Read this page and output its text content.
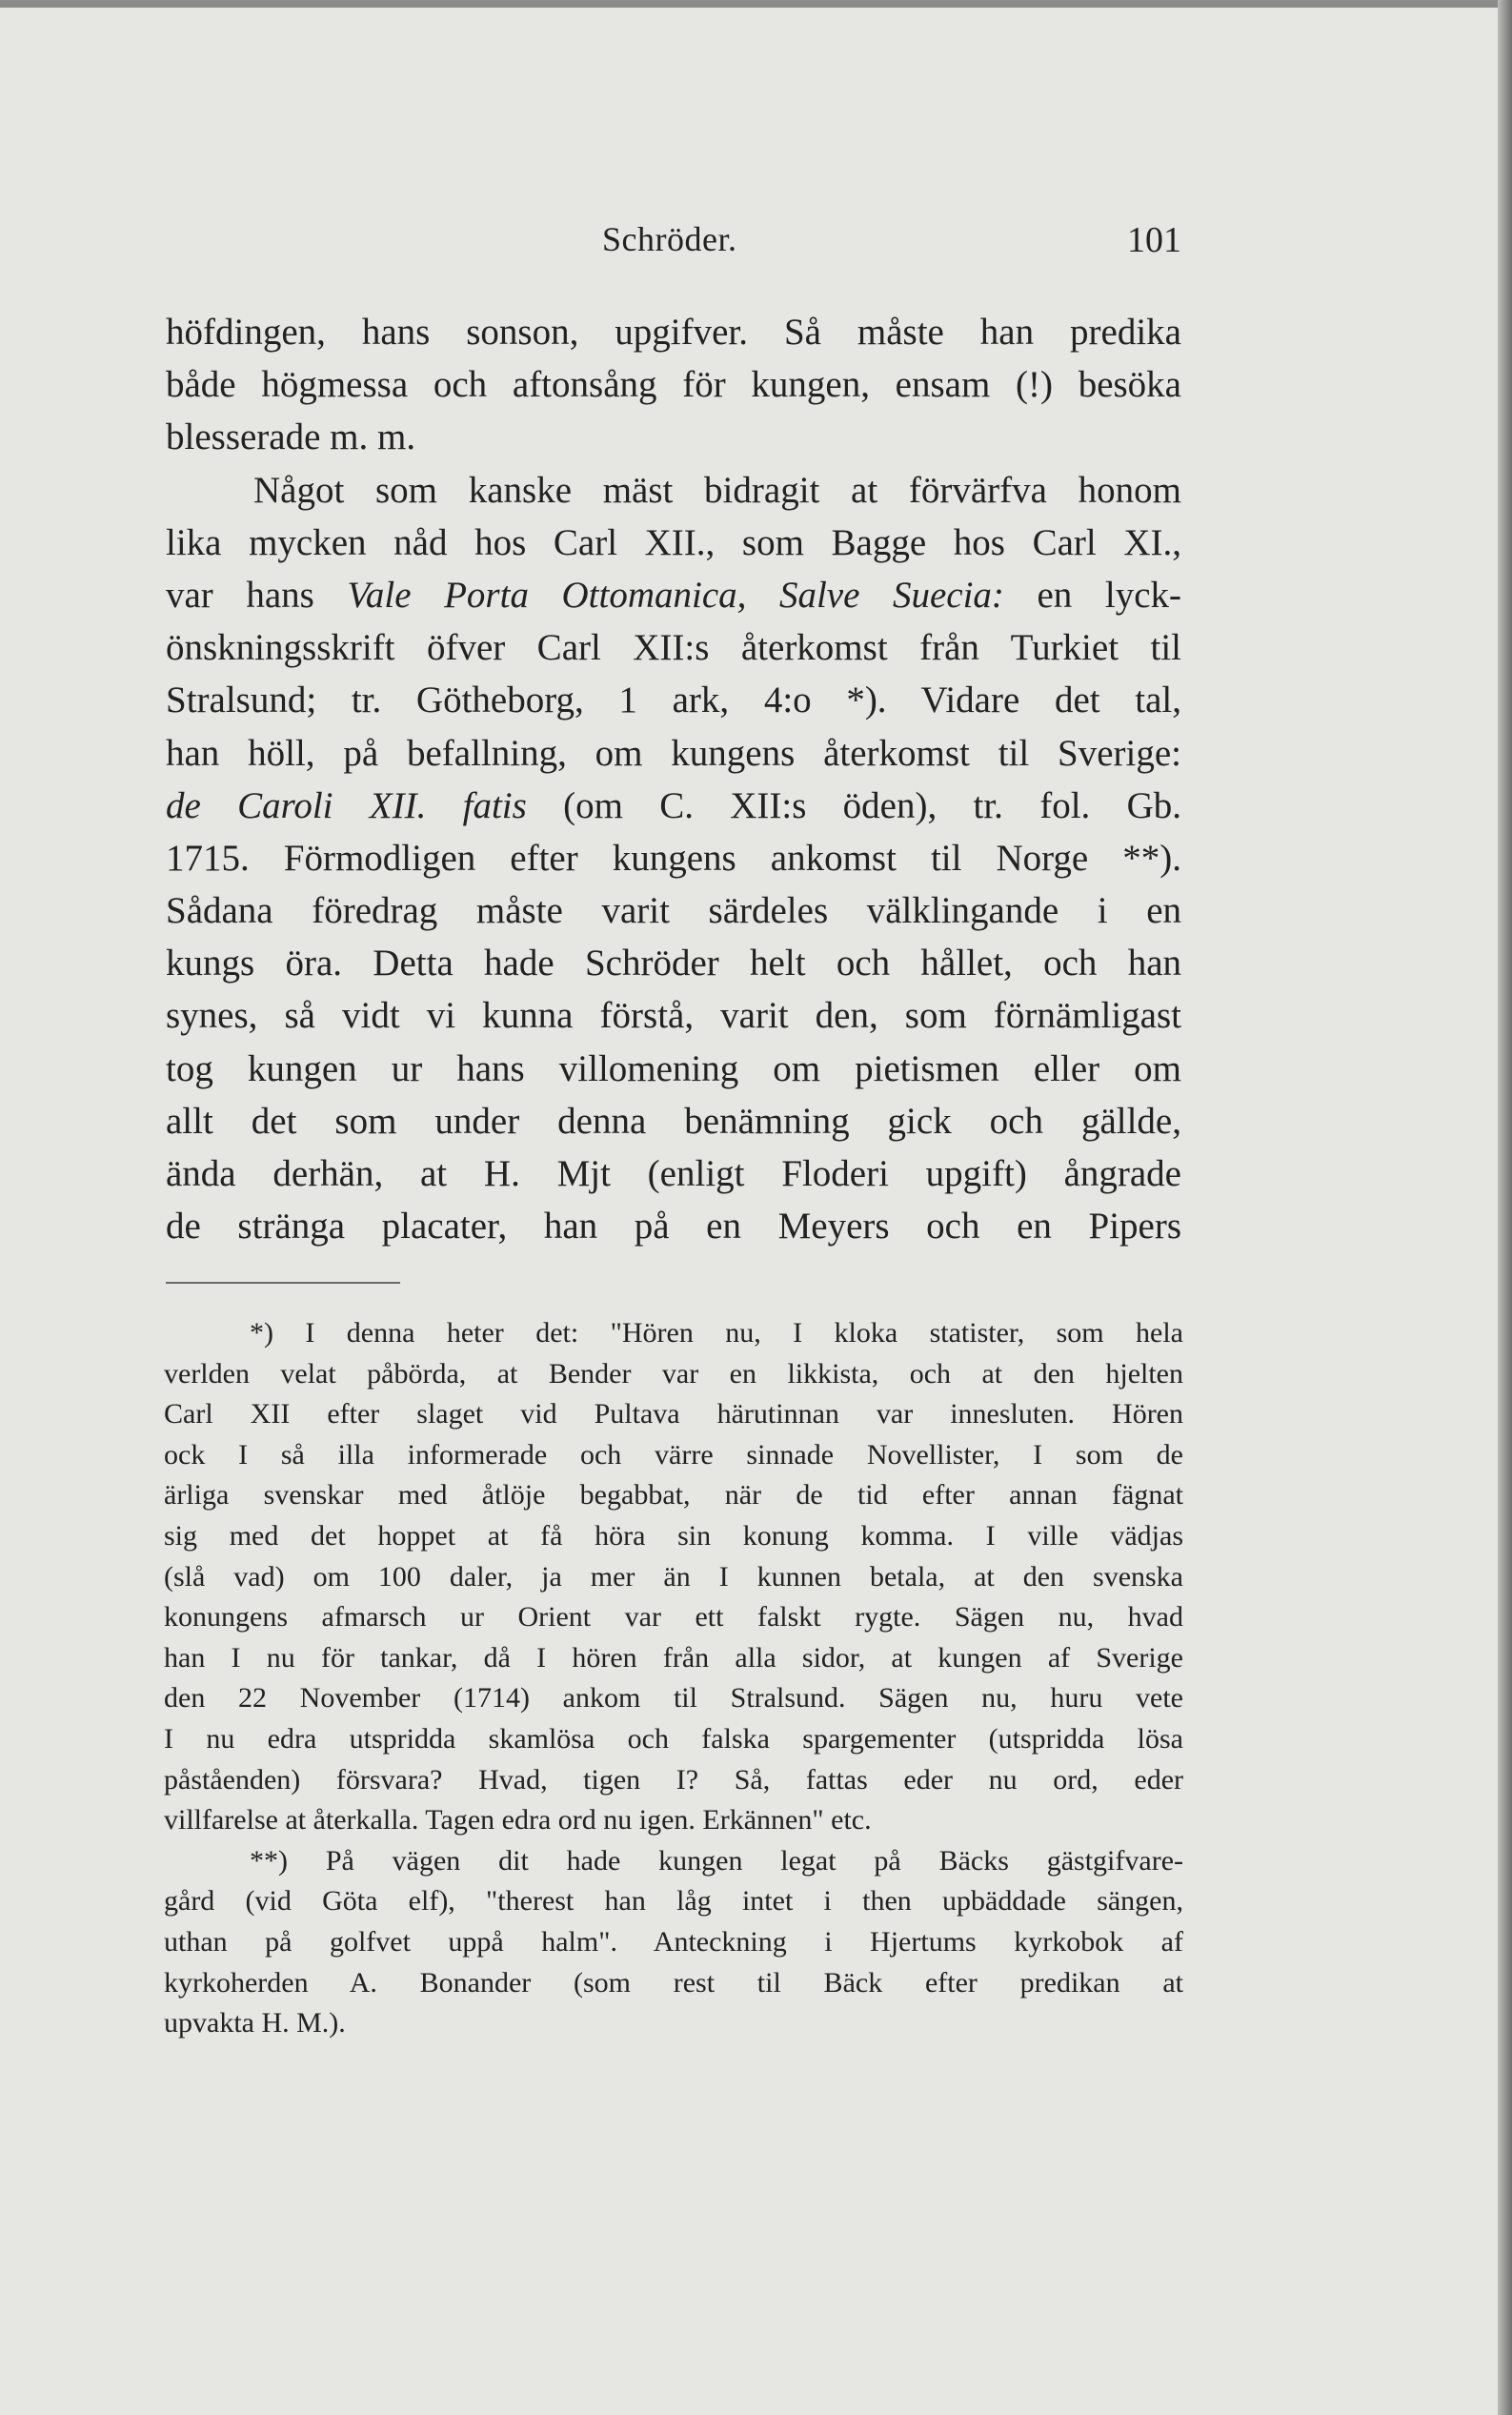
Schröder.	101
höfdingen, hans sonson, upgifver. Så måste han predika
både högmessa och aftonsång för kungen, ensam (!) besöka
blesserade m. m.
Något som kanske mäst bidragit at förvärfva honom
lika mycken nåd hos Carl XII., som Bagge hos Carl XI.,
var hans Vale Porta Ottomanica, Salve Suecia: en lyck-
önskningsskrift öfver Carl XII:s återkomst från Turkiet til
Stralsund; tr. Götheborg, 1 ark, 4:o *). Vidare det tal,
han höll, på befallning, om kungens återkomst til Sverige:
de Caroli XII. fatis (om C. XII:s öden), tr. fol. Gb.
1715. Förmodligen efter kungens ankomst til Norge **).
Sådana föredrag måste varit särdeles välklingande i en
kungs öra. Detta hade Schröder helt och hållet, och han
synes, så vidt vi kunna förstå, varit den, som förnämligast
tog kungen ur hans villomening om pietismen eller om
allt det som under denna benämning gick och gällde,
ända derhän, at H. Mjt (enligt Floderi upgift) ångrade
de stränga placater, han på en Meyers och en Pipers
*) I denna heter det: "Hören nu, I kloka statister, som hela
verlden velat påbörda, at Bender var en likkista, och at den hjelten
Carl XII efter slaget vid Pultava härutinnan var innesluten. Hören
ock I så illa informerade och värre sinnade Novellister, I som de
ärliga svenskar med åtlöje begabbat, när de tid efter annan fägnat
sig med det hoppet at få höra sin konung komma. I ville vädjas
(slå vad) om 100 daler, ja mer än I kunnen betala, at den svenska
konungens afmarsch ur Orient var ett falskt rygte. Sägen nu, hvad
han I nu för tankar, då I hören från alla sidor, at kungen af Sverige
den 22 November (1714) ankom til Stralsund. Sägen nu, huru vete
I nu edra utspridda skamlösa och falska spargementer (utspridda lösa
påståenden) försvara? Hvad, tigen I? Så, fattas eder nu ord, eder
villfarelse at återkalla. Tagen edra ord nu igen. Erkännen" etc.
**) På vägen dit hade kungen legat på Bäcks gästgifvare-
gård (vid Göta elf), "therest han låg intet i then upbäddade sängen,
uthan på golfvet uppå halm". Anteckning i Hjertums kyrkobok af
kyrkoherden A. Bonander (som rest til Bäck efter predikan at
upvakta H. M.).
